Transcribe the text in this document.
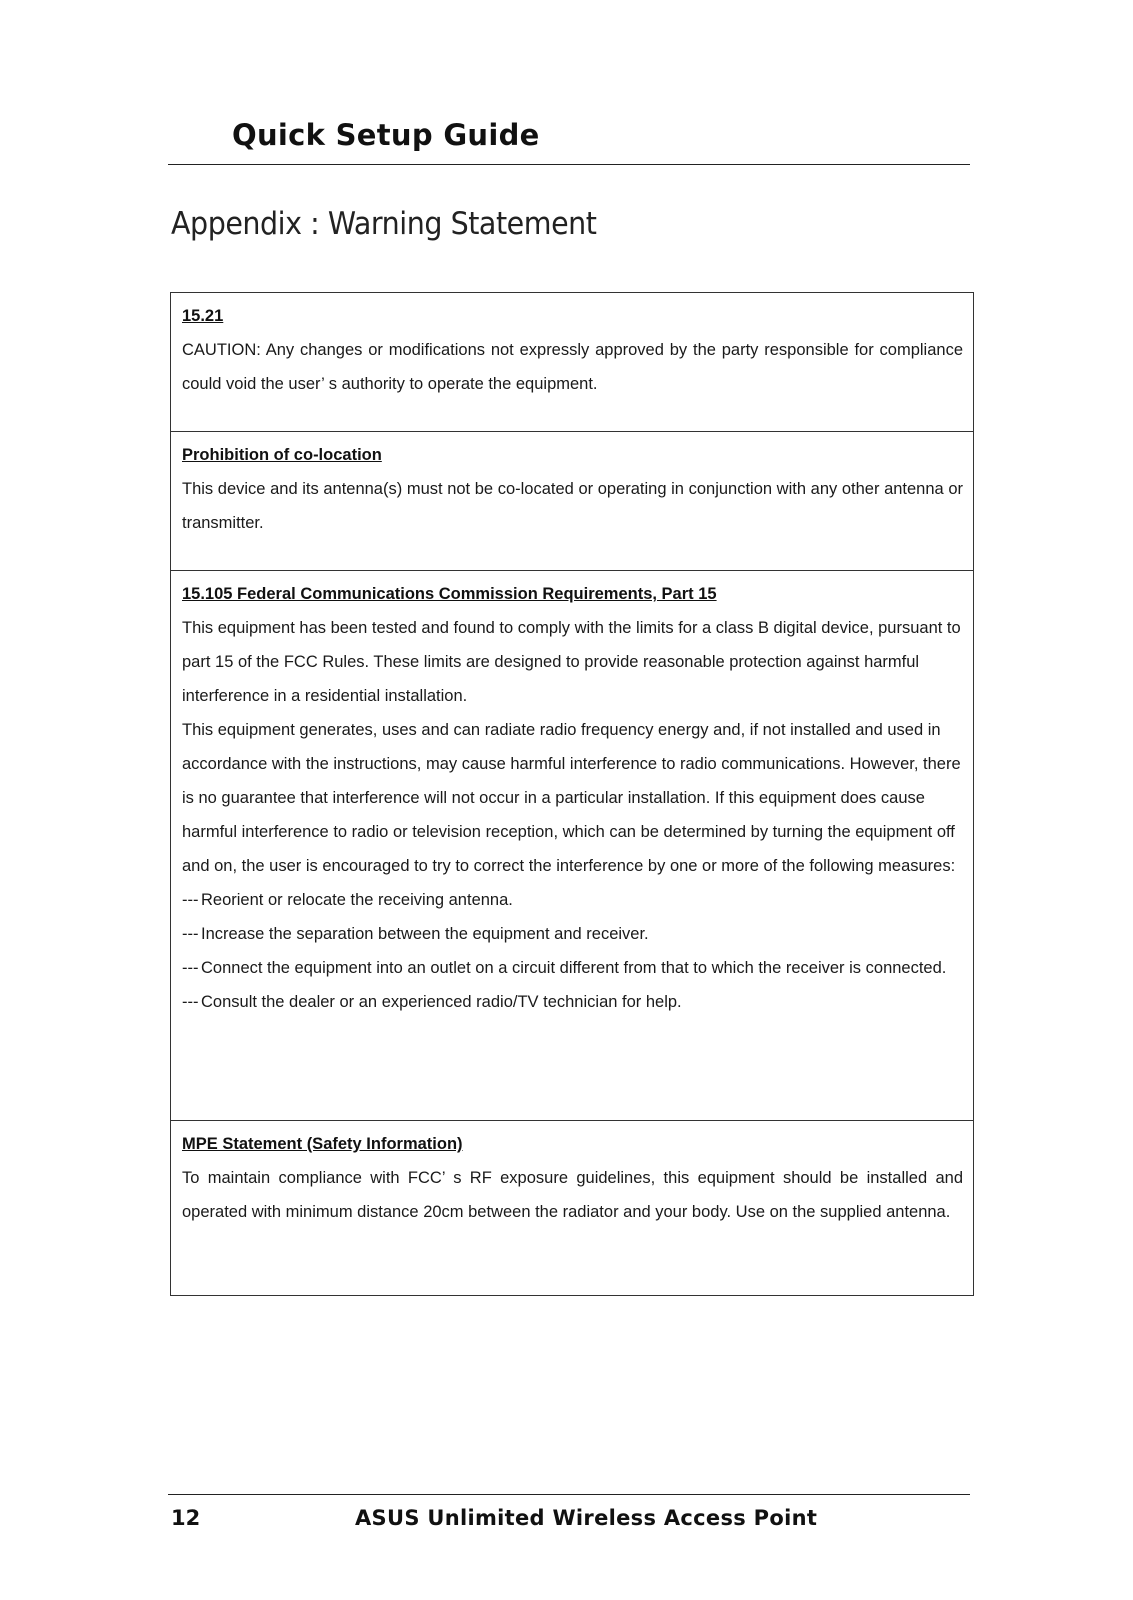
Quick Setup Guide
Appendix : Warning Statement
15.21

CAUTION: Any changes or modifications not expressly approved by the party responsible for compliance could void the user’ s authority to operate the equipment.

Prohibition of co-location

This device and its antenna(s) must not be co-located or operating in conjunction with any other antenna or transmitter.

15.105 Federal Communications Commission Requirements, Part 15

This equipment has been tested and found to comply with the limits for a class B digital device, pursuant to part 15 of the FCC Rules. These limits are designed to provide reasonable protection against harmful interference in a residential installation.

This equipment generates, uses and can radiate radio frequency energy and, if not installed and used in accordance with the instructions, may cause harmful interference to radio communications. However, there is no guarantee that interference will not occur in a particular installation. If this equipment does cause harmful interference to radio or television reception, which can be determined by turning the equipment off and on, the user is encouraged to try to correct the interference by one or more of the following measures:

--- Reorient or relocate the receiving antenna.
--- Increase the separation between the equipment and receiver.
--- Connect the equipment into an outlet on a circuit different from that to which the receiver is connected.
--- Consult the dealer or an experienced radio/TV technician for help.
MPE Statement (Safety Information)

To maintain compliance with FCC’ s RF exposure guidelines, this equipment should be installed and operated with minimum distance 20cm between the radiator and your body. Use on the supplied antenna.

12	ASUS Unlimited Wireless Access Point
